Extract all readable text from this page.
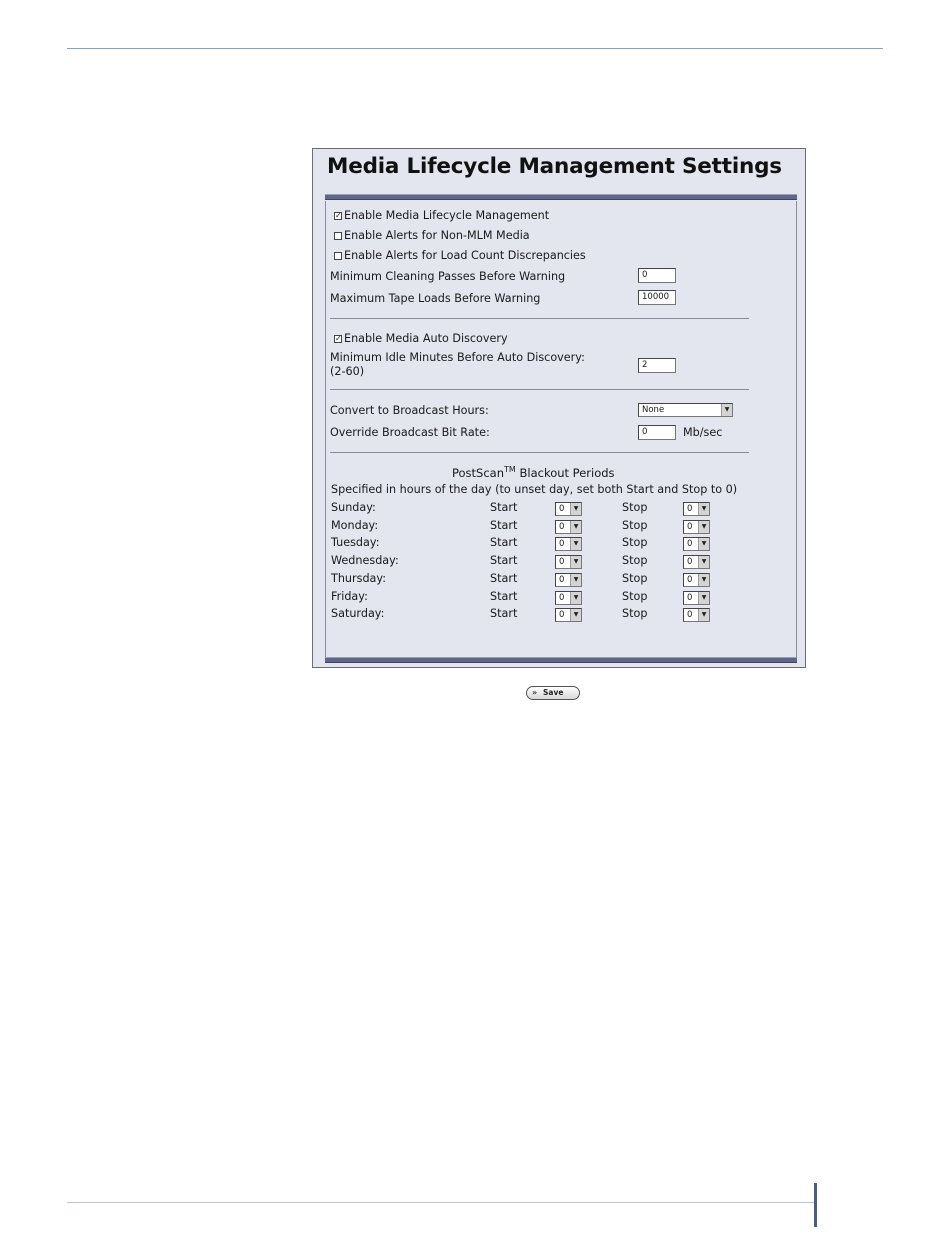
Media Lifecycle Management Settings
✓ Enable Media Lifecycle Management
Enable Alerts for Non-MLM Media
Enable Alerts for Load Count Discrepancies
Minimum Cleaning Passes Before Warning	0
Maximum Tape Loads Before Warning	10000
✓ Enable Media Auto Discovery
Minimum Idle Minutes Before Auto Discovery:
(2-60)	2
Convert to Broadcast Hours:	None	▼
Override Broadcast Bit Rate:	0	Mb/sec
PostScan™ Blackout Periods
Specified in hours of the day (to unset day, set both Start and Stop to 0)
Sunday:	Start	0	▼	Stop	0	▼
Monday:	Start	0	▼	Stop	0	▼
Tuesday:	Start	0	▼	Stop	0	▼
Wednesday:	Start	0	▼	Stop	0	▼
Thursday:	Start	0	▼	Stop	0	▼
Friday:	Start	0	▼	Stop	0	▼
Saturday:	Start	0	▼	Stop	0	▼
» Save
